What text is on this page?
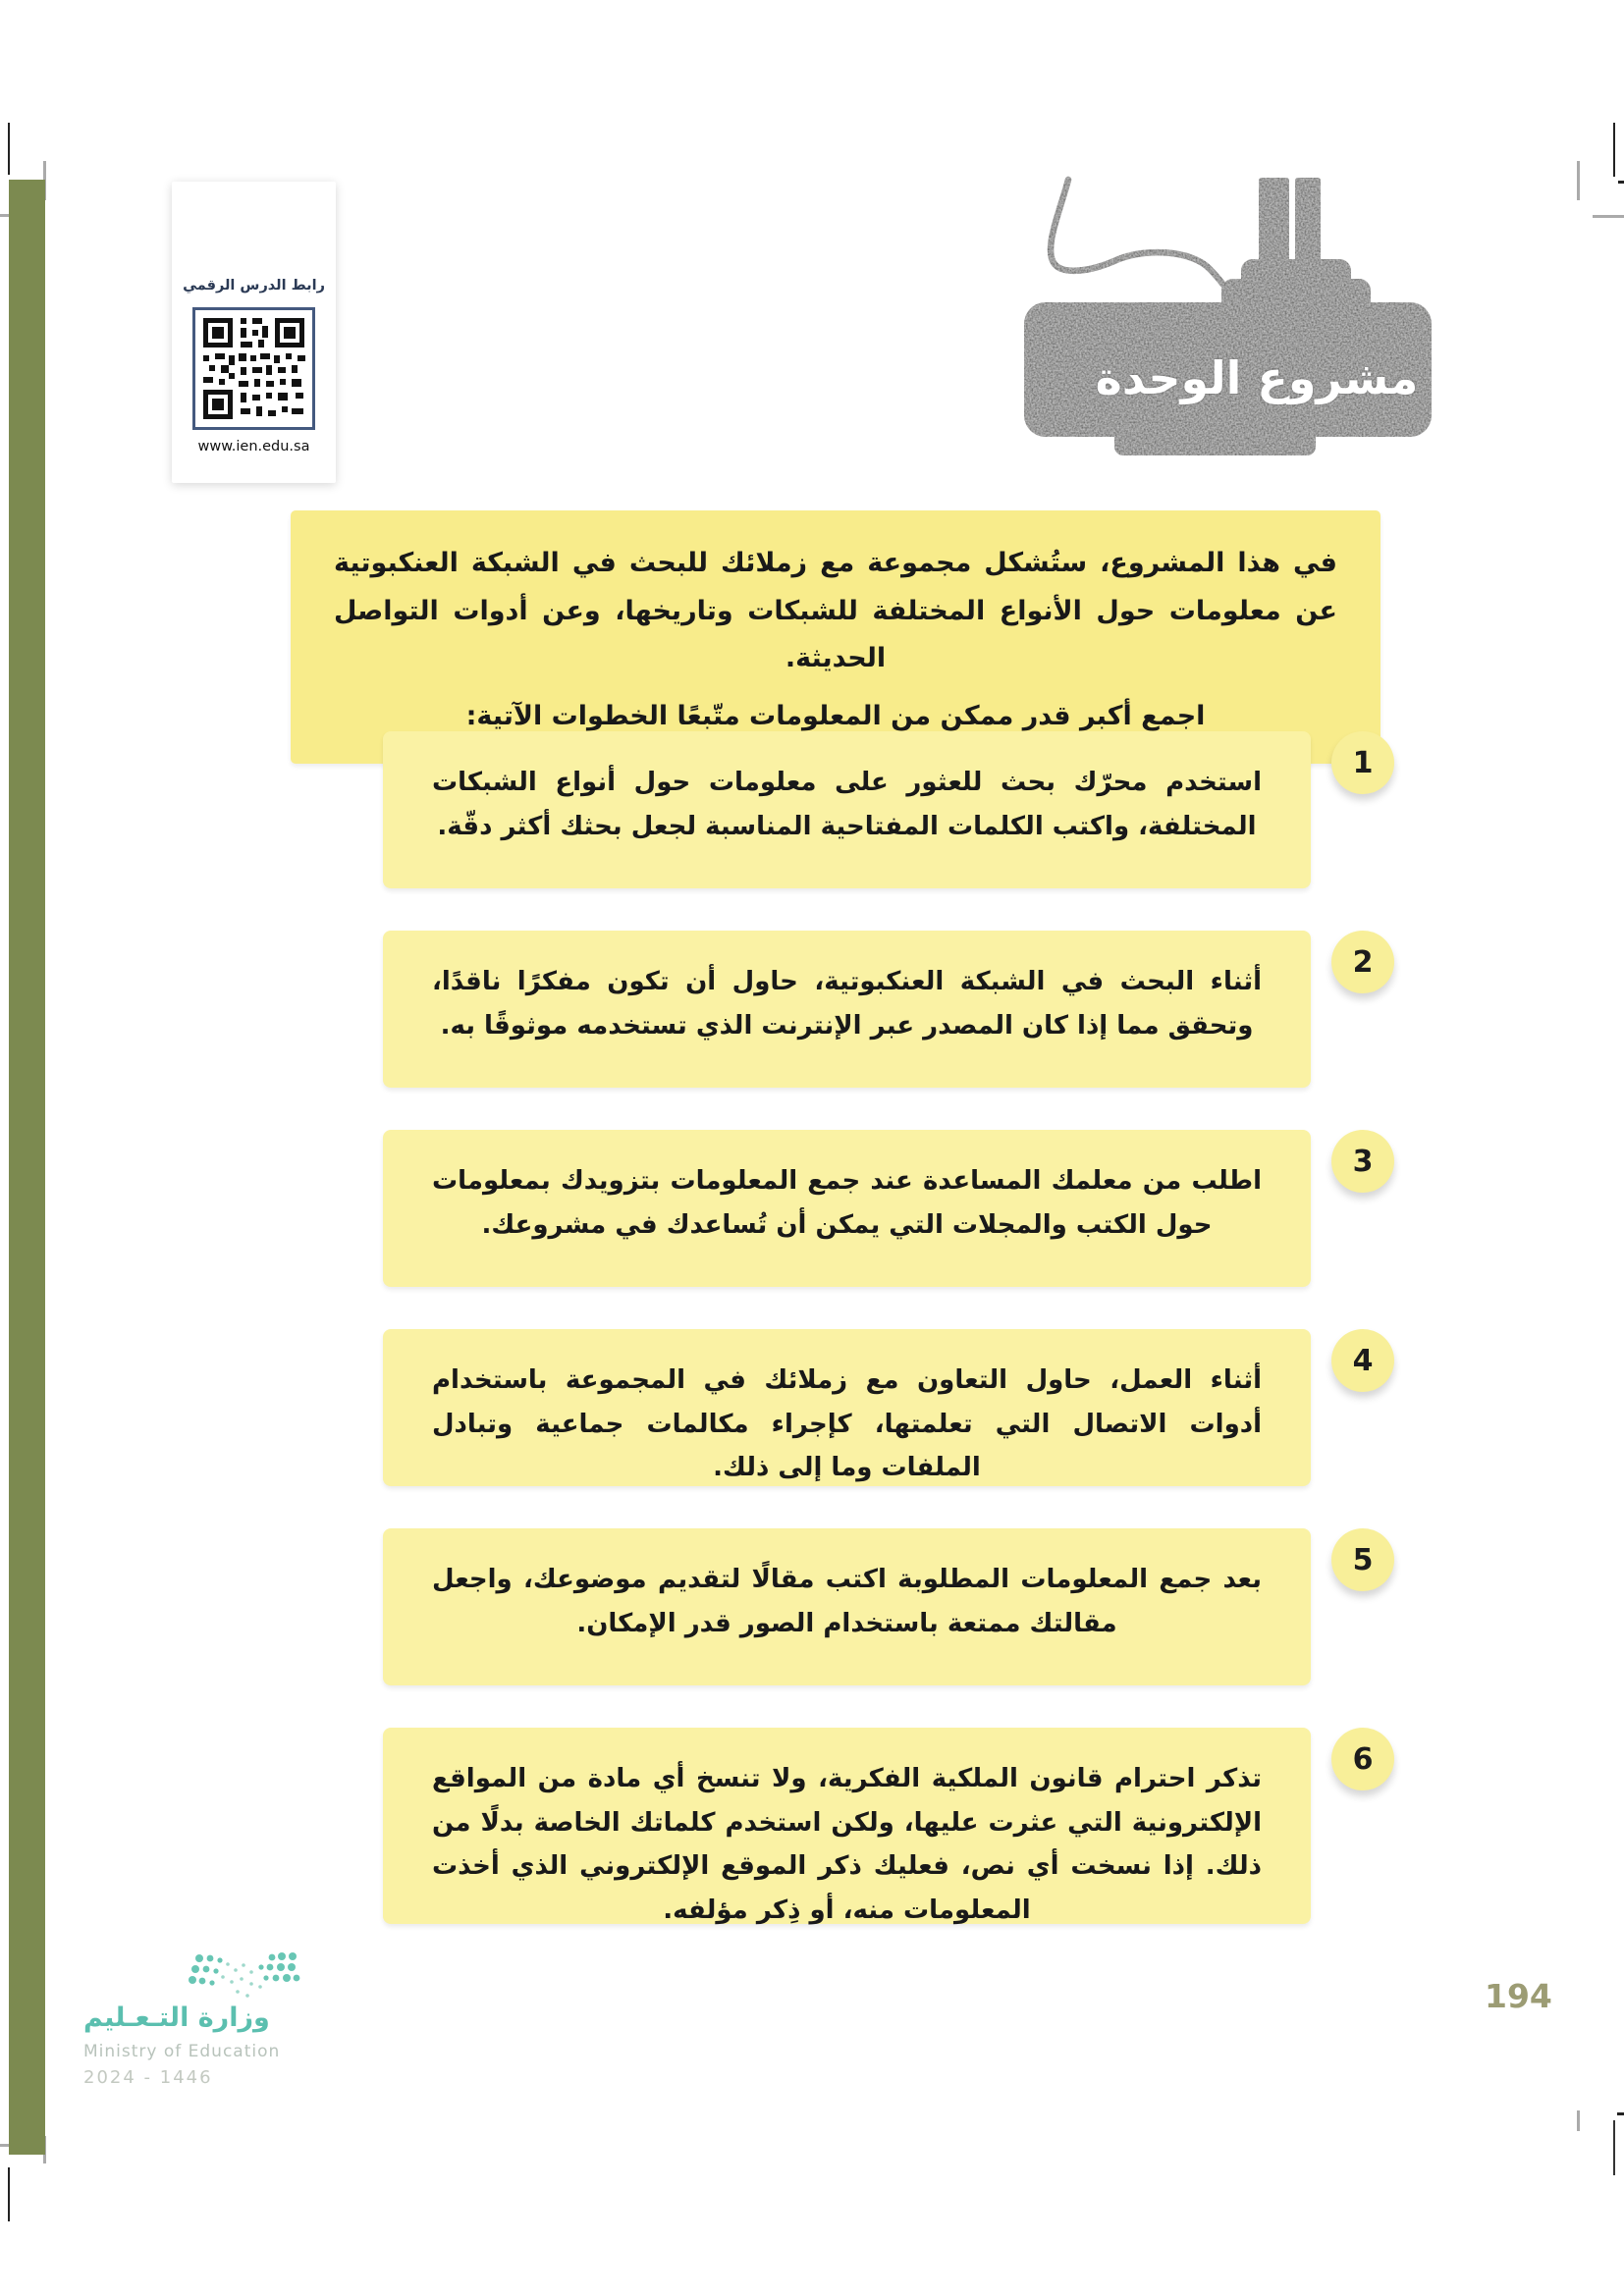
رابط الدرس الرقمي
www.ien.edu.sa
مشروع الوحدة

في هذا المشروع، ستُشكل مجموعة مع زملائك للبحث في الشبكة العنكبوتية عن معلومات حول الأنواع المختلفة للشبكات وتاريخها، وعن أدوات التواصل الحديثة.

اجمع أكبر قدر ممكن من المعلومات متّبعًا الخطوات الآتية:

استخدم محرّك بحث للعثور على معلومات حول أنواع الشبكات المختلفة، واكتب الكلمات المفتاحية المناسبة لجعل بحثك أكثر دقّة.

1

أثناء البحث في الشبكة العنكبوتية، حاول أن تكون مفكرًا ناقدًا، وتحقق مما إذا كان المصدر عبر الإنترنت الذي تستخدمه موثوقًا به.

2

اطلب من معلمك المساعدة عند جمع المعلومات بتزويدك بمعلومات حول الكتب والمجلات التي يمكن أن تُساعدك في مشروعك.

3

أثناء العمل، حاول التعاون مع زملائك في المجموعة باستخدام أدوات الاتصال التي تعلمتها، كإجراء مكالمات جماعية وتبادل الملفات وما إلى ذلك.

4

بعد جمع المعلومات المطلوبة اكتب مقالًا لتقديم موضوعك، واجعل مقالتك ممتعة باستخدام الصور قدر الإمكان.

5

تذكر احترام قانون الملكية الفكرية، ولا تنسخ أي مادة من المواقع الإلكترونية التي عثرت عليها، ولكن استخدم كلماتك الخاصة بدلًا من ذلك. إذا نسخت أي نص، فعليك ذكر الموقع الإلكتروني الذي أخذت المعلومات منه، أو ذِكر مؤلفه.

6
وزارة التـعـليم
Ministry of Education
2024 - 1446
194
